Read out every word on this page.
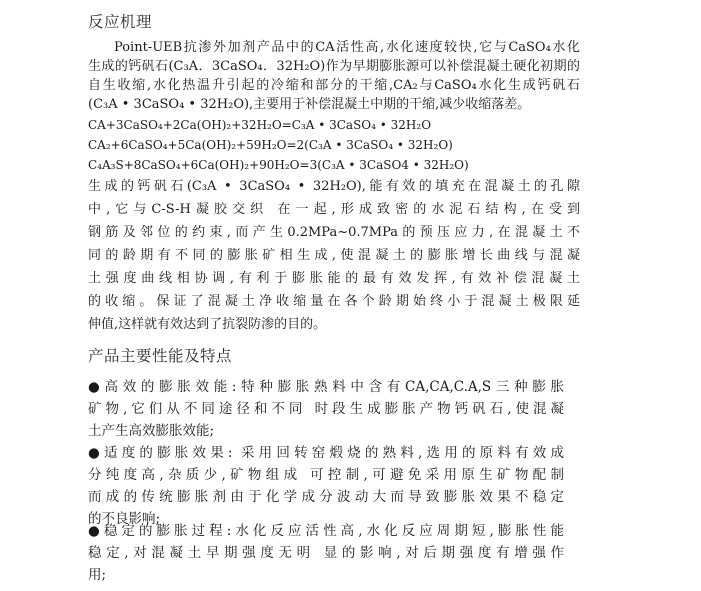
反应机理
Point-UEB抗渗外加剂产品中的CA活性高,水化速度较快,它与CaSO₄水化
生成的钙矾石(C₃A．3CaSO₄．32H₂O)作为早期膨胀源可以补偿混凝土硬化初期的
自生收缩,水化热温升引起的冷缩和部分的干缩,CA₂与CaSO₄水化生成钙矾石
(C₃A • 3CaSO₄ • 32H₂O),主要用于补偿混凝土中期的干缩,减少收缩落差。
CA+3CaSO₄+2Ca(OH)₂+32H₂O=C₃A • 3CaSO₄ • 32H₂O
CA₂+6CaSO₄+5Ca(OH)₂+59H₂O=2(C₃A • 3CaSO₄ • 32H₂O)
C₄A₃S+8CaSO₄+6Ca(OH)₂+90H₂O=3(C₃A • 3CaSO4 • 32H₂O)
生成的钙矾石(C₃A • 3CaSO₄ • 32H₂O),能有效的填充在混凝土的孔隙
中,它与C-S-H凝胶交织 在一起,形成致密的水泥石结构,在受到
钢筋及邻位的约束,而产生0.2MPa~0.7MPa的预压应力,在混凝土不
同的龄期有不同的膨胀矿相生成,使混凝土的膨胀增长曲线与混凝
土强度曲线相协调,有利于膨胀能的最有效发挥,有效补偿混凝土
的收缩。保证了混凝土净收缩量在各个龄期始终小于混凝土极限延
伸值,这样就有效达到了抗裂防渗的目的。
产品主要性能及特点
●高效的膨胀效能:特种膨胀熟料中含有CA,CA,C.A,S三种膨胀
矿物,它们从不同途径和不同 时段生成膨胀产物钙矾石,使混凝
土产生高效膨胀效能;
●适度的膨胀效果: 采用回转窑煅烧的熟料,选用的原料有效成
分纯度高,杂质少,矿物组成 可控制,可避免采用原生矿物配制
而成的传统膨胀剂由于化学成分波动大而导致膨胀效果不稳定
的不良影响;
●稳定的膨胀过程:水化反应活性高,水化反应周期短,膨胀性能
稳定,对混凝土早期强度无明 显的影响,对后期强度有增强作
用;
